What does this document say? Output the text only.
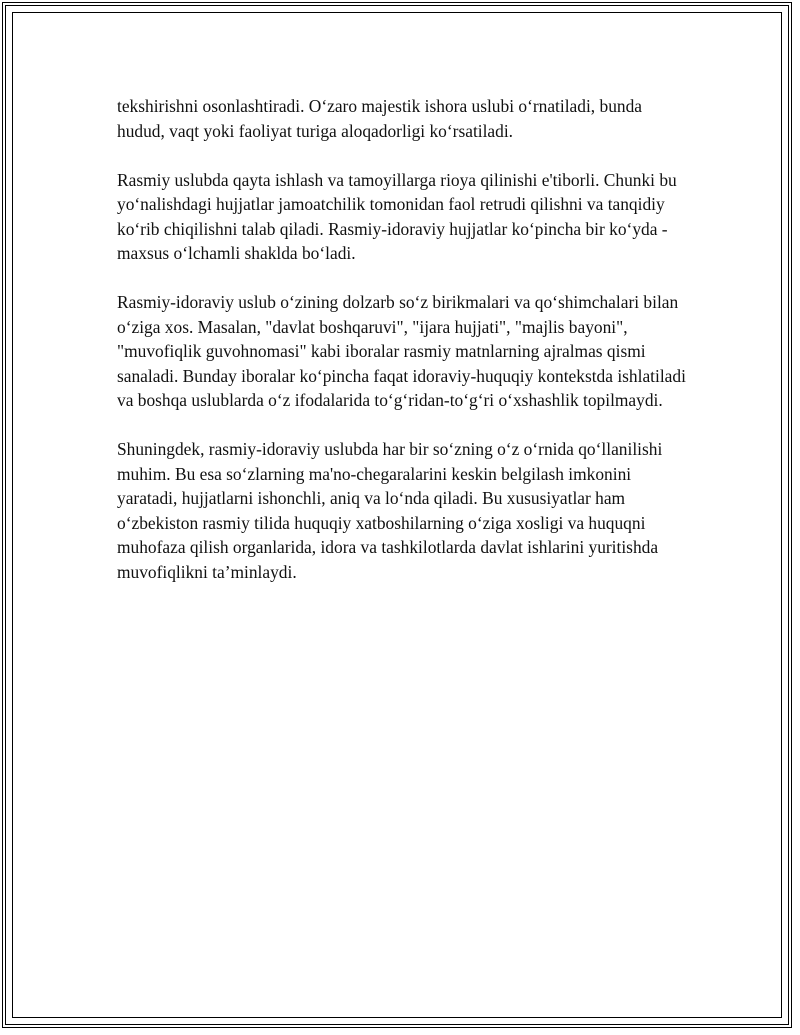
tekshirishni osonlashtiradi. O‘zaro majestik ishora uslubi o‘rnatiladi, bunda hudud, vaqt yoki faoliyat turiga aloqadorligi ko‘rsatiladi.

Rasmiy uslubda qayta ishlash va tamoyillarga rioya qilinishi e'tiborli. Chunki bu yo‘nalishdagi hujjatlar jamoatchilik tomonidan faol retrudi qilishni va tanqidiy ko‘rib chiqilishni talab qiladi. Rasmiy-idoraviy hujjatlar ko‘pincha bir ko‘yda - maxsus o‘lchamli shaklda bo‘ladi.

Rasmiy-idoraviy uslub o‘zining dolzarb so‘z birikmalari va qo‘shimchalari bilan o‘ziga xos. Masalan, "davlat boshqaruvi", "ijara hujjati", "majlis bayoni", "muvofiqlik guvohnomasi" kabi iboralar rasmiy matnlarning ajralmas qismi sanaladi. Bunday iboralar ko‘pincha faqat idoraviy-huquqiy kontekstda ishlatiladi va boshqa uslublarda o‘z ifodalarida to‘g‘ridan-to‘g‘ri o‘xshashlik topilmaydi.

Shuningdek, rasmiy-idoraviy uslubda har bir so‘zning o‘z o‘rnida qo‘llanilishi muhim. Bu esa so‘zlarning ma'no-chegaralarini keskin belgilash imkonini yaratadi, hujjatlarni ishonchli, aniq va lo‘nda qiladi. Bu xususiyatlar ham o‘zbekiston rasmiy tilida huquqiy xatboshilarning o‘ziga xosligi va huquqni muhofaza qilish organlarida, idora va tashkilotlarda davlat ishlarini yuritishda muvofiqlikni ta’minlaydi.
